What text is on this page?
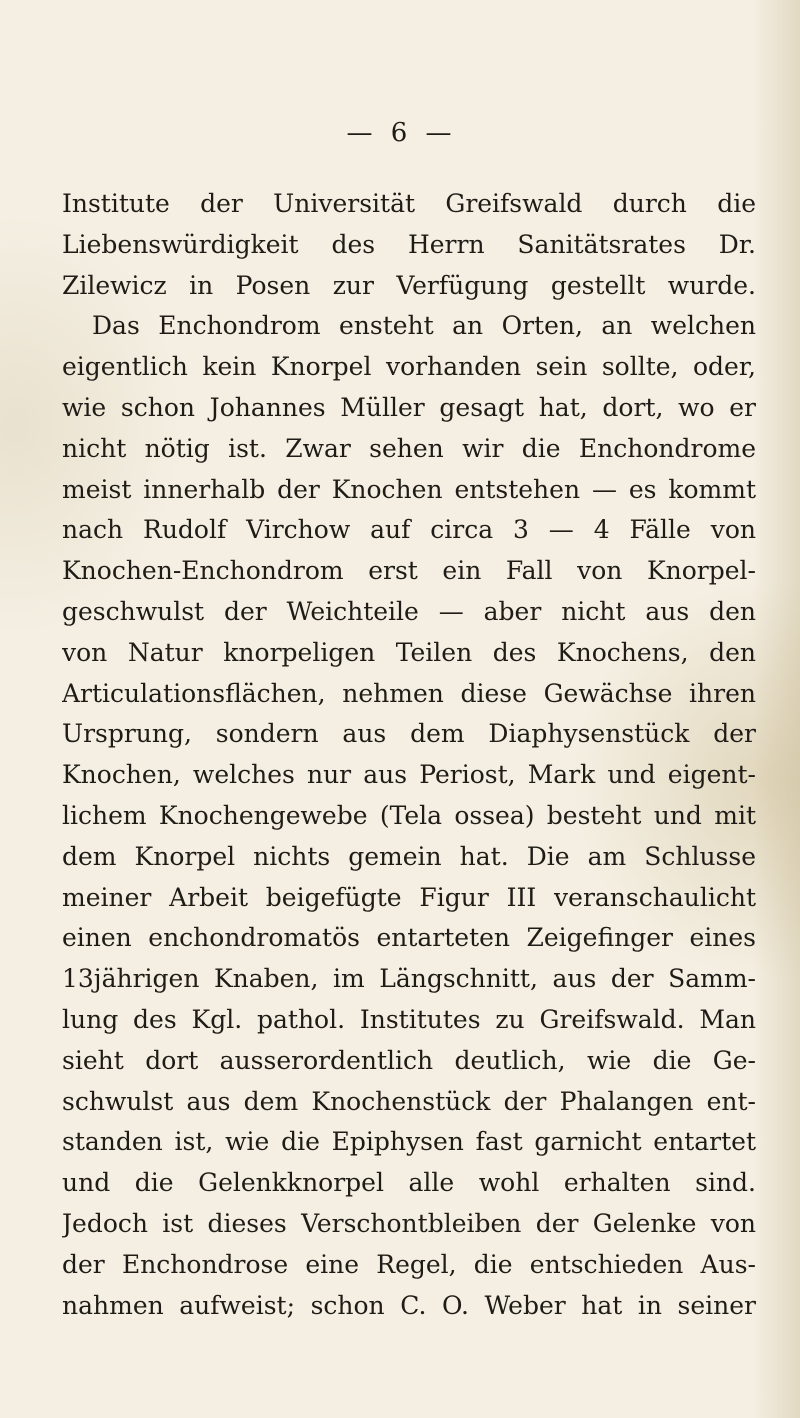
— 6 —
Institute der Universität Greifswald durch die
Liebenswürdigkeit des Herrn Sanitätsrates Dr.
Zilewicz in Posen zur Verfügung gestellt wurde.
Das Enchondrom ensteht an Orten, an welchen
eigentlich kein Knorpel vorhanden sein sollte, oder,
wie schon Johannes Müller gesagt hat, dort, wo er
nicht nötig ist. Zwar sehen wir die Enchondrome
meist innerhalb der Knochen entstehen — es kommt
nach Rudolf Virchow auf circa 3 — 4 Fälle von
Knochen-Enchondrom erst ein Fall von Knorpel-
geschwulst der Weichteile — aber nicht aus den
von Natur knorpeligen Teilen des Knochens, den
Articulationsflächen, nehmen diese Gewächse ihren
Ursprung, sondern aus dem Diaphysenstück der
Knochen, welches nur aus Periost, Mark und eigent-
lichem Knochengewebe (Tela ossea) besteht und mit
dem Knorpel nichts gemein hat. Die am Schlusse
meiner Arbeit beigefügte Figur III veranschaulicht
einen enchondromatös entarteten Zeigefinger eines
13jährigen Knaben, im Längschnitt, aus der Samm-
lung des Kgl. pathol. Institutes zu Greifswald. Man
sieht dort ausserordentlich deutlich, wie die Ge-
schwulst aus dem Knochenstück der Phalangen ent-
standen ist, wie die Epiphysen fast garnicht entartet
und die Gelenkknorpel alle wohl erhalten sind.
Jedoch ist dieses Verschontbleiben der Gelenke von
der Enchondrose eine Regel, die entschieden Aus-
nahmen aufweist; schon C. O. Weber hat in seiner
